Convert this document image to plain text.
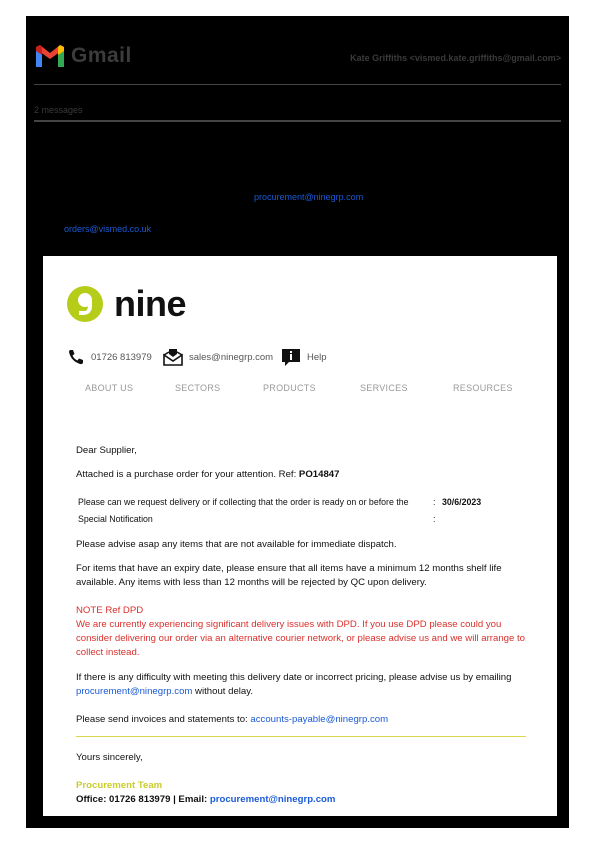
Gmail	Kate Griffiths <vismed.kate.griffiths@gmail.com>
2 messages
procurement@ninegrp.com
orders@vismed.co.uk
nine
01726 813979	sales@ninegrp.com	Help
ABOUT US	SECTORS	PRODUCTS	SERVICES	RESOURCES
Dear Supplier,
Attached is a purchase order for your attention. Ref: PO14847
Please can we request delivery or if collecting that the order is ready on or before the	: 30/6/2023
Special Notification	:
Please advise asap any items that are not available for immediate dispatch.
For items that have an expiry date, please ensure that all items have a minimum 12 months shelf life available. Any items with less than 12 months will be rejected by QC upon delivery.
NOTE Ref DPD
We are currently experiencing significant delivery issues with DPD. If you use DPD please could you consider delivering our order via an alternative courier network, or please advise us and we will arrange to collect instead.
If there is any difficulty with meeting this delivery date or incorrect pricing, please advise us by emailing procurement@ninegrp.com without delay.
Please send invoices and statements to: accounts-payable@ninegrp.com
Yours sincerely,
Procurement Team
Office: 01726 813979 | Email: procurement@ninegrp.com
